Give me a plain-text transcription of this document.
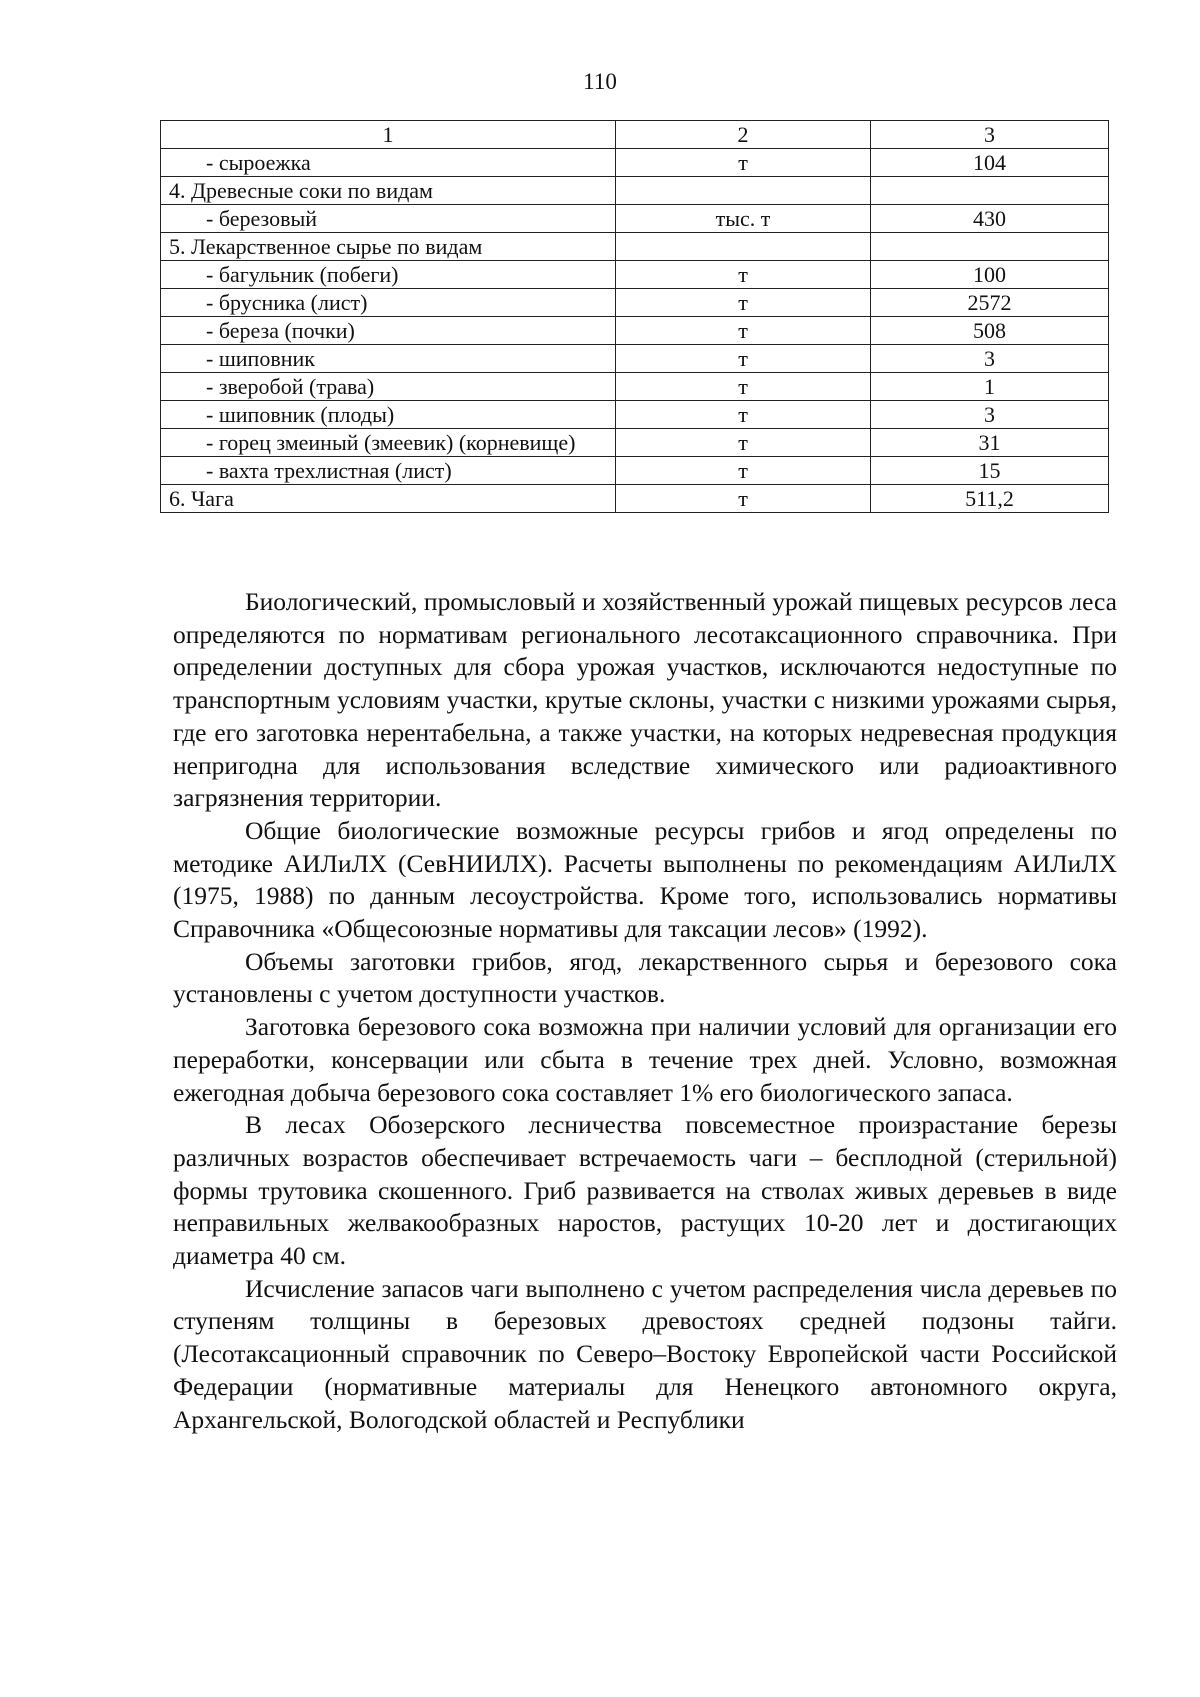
110
1	2	3
- сыроежка	т	104
4. Древесные соки по видам		
- березовый	тыс. т	430
5. Лекарственное сырье по видам		
- багульник (побеги)	т	100
- брусника (лист)	т	2572
- береза (почки)	т	508
- шиповник	т	3
- зверобой (трава)	т	1
- шиповник (плоды)	т	3
- горец змеиный (змеевик) (корневище)	т	31
- вахта трехлистная (лист)	т	15
6. Чага	т	511,2

Биологический, промысловый и хозяйственный урожай пищевых ресурсов леса определяются по нормативам регионального лесотаксационного справочника. При определении доступных для сбора урожая участков, исключаются недоступные по транспортным условиям участки, крутые склоны, участки с низкими урожаями сырья, где его заготовка нерентабельна, а также участки, на которых недревесная продукция непригодна для использования вследствие химического или радиоактивного загрязнения территории.

Общие биологические возможные ресурсы грибов и ягод определены по методике АИЛиЛХ (СевНИИЛХ). Расчеты выполнены по рекомендациям АИЛиЛХ (1975, 1988) по данным лесоустройства. Кроме того, использовались нормативы Справочника «Общесоюзные нормативы для таксации лесов» (1992).

Объемы заготовки грибов, ягод, лекарственного сырья и березового сока установлены с учетом доступности участков.

Заготовка березового сока возможна при наличии условий для организации его переработки, консервации или сбыта в течение трех дней. Условно, возможная ежегодная добыча березового сока составляет 1% его биологического запаса.

В лесах Обозерского лесничества повсеместное произрастание березы различных возрастов обеспечивает встречаемость чаги – бесплодной (стерильной) формы трутовика скошенного. Гриб развивается на стволах живых деревьев в виде неправильных желвакообразных наростов, растущих 10-20 лет и достигающих диаметра 40 см.

Исчисление запасов чаги выполнено с учетом распределения числа деревьев по ступеням толщины в березовых древостоях средней подзоны тайги. (Лесотаксационный справочник по Северо–Востоку Европейской части Российской Федерации (нормативные материалы для Ненецкого автономного округа, Архангельской, Вологодской областей и Республики
